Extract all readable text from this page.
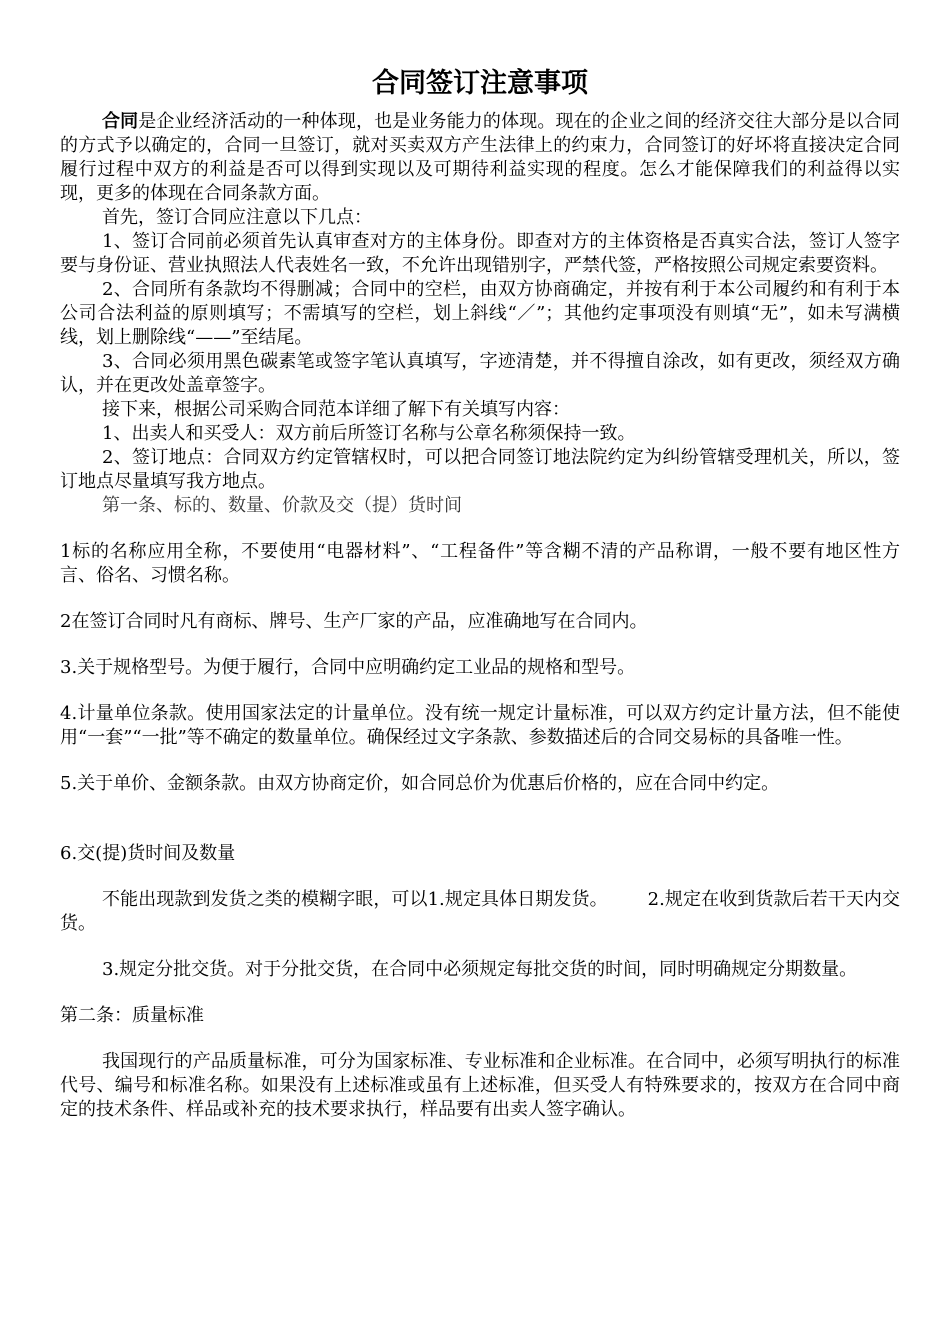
合同签订注意事项

合同是企业经济活动的一种体现，也是业务能力的体现。现在的企业之间的经济交往大部分是以合同的方式予以确定的，合同一旦签订，就对买卖双方产生法律上的约束力，合同签订的好坏将直接决定合同履行过程中双方的利益是否可以得到实现以及可期待利益实现的程度。怎么才能保障我们的利益得以实现，更多的体现在合同条款方面。

首先，签订合同应注意以下几点：

1、签订合同前必须首先认真审查对方的主体身份。即查对方的主体资格是否真实合法，签订人签字要与身份证、营业执照法人代表姓名一致，不允许出现错别字，严禁代签，严格按照公司规定索要资料。

2、合同所有条款均不得删减；合同中的空栏，由双方协商确定，并按有利于本公司履约和有利于本公司合法利益的原则填写；不需填写的空栏，划上斜线“／”；其他约定事项没有则填“无”，如未写满横线，划上删除线“——”至结尾。

3、合同必须用黑色碳素笔或签字笔认真填写，字迹清楚，并不得擅自涂改，如有更改，须经双方确认，并在更改处盖章签字。

接下来，根据公司采购合同范本详细了解下有关填写内容：

1、出卖人和买受人：双方前后所签订名称与公章名称须保持一致。

2、签订地点：合同双方约定管辖权时，可以把合同签订地法院约定为纠纷管辖受理机关，所以，签订地点尽量填写我方地点。

第一条、标的、数量、价款及交（提）货时间

1标的名称应用全称，不要使用“电器材料”、“工程备件”等含糊不清的产品称谓，一般不要有地区性方言、俗名、习惯名称。

2在签订合同时凡有商标、牌号、生产厂家的产品，应准确地写在合同内。

3.关于规格型号。为便于履行，合同中应明确约定工业品的规格和型号。

4.计量单位条款。使用国家法定的计量单位。没有统一规定计量标准，可以双方约定计量方法，但不能使用“一套”“一批”等不确定的数量单位。确保经过文字条款、参数描述后的合同交易标的具备唯一性。

5.关于单价、金额条款。由双方协商定价，如合同总价为优惠后价格的，应在合同中约定。

6.交(提)货时间及数量

不能出现款到发货之类的模糊字眼，可以1.规定具体日期发货。 2.规定在收到货款后若干天内交货。

3.规定分批交货。对于分批交货，在合同中必须规定每批交货的时间，同时明确规定分期数量。

第二条：质量标准

我国现行的产品质量标准，可分为国家标准、专业标准和企业标准。在合同中，必须写明执行的标准代号、编号和标准名称。如果没有上述标准或虽有上述标准，但买受人有特殊要求的，按双方在合同中商定的技术条件、样品或补充的技术要求执行，样品要有出卖人签字确认。
